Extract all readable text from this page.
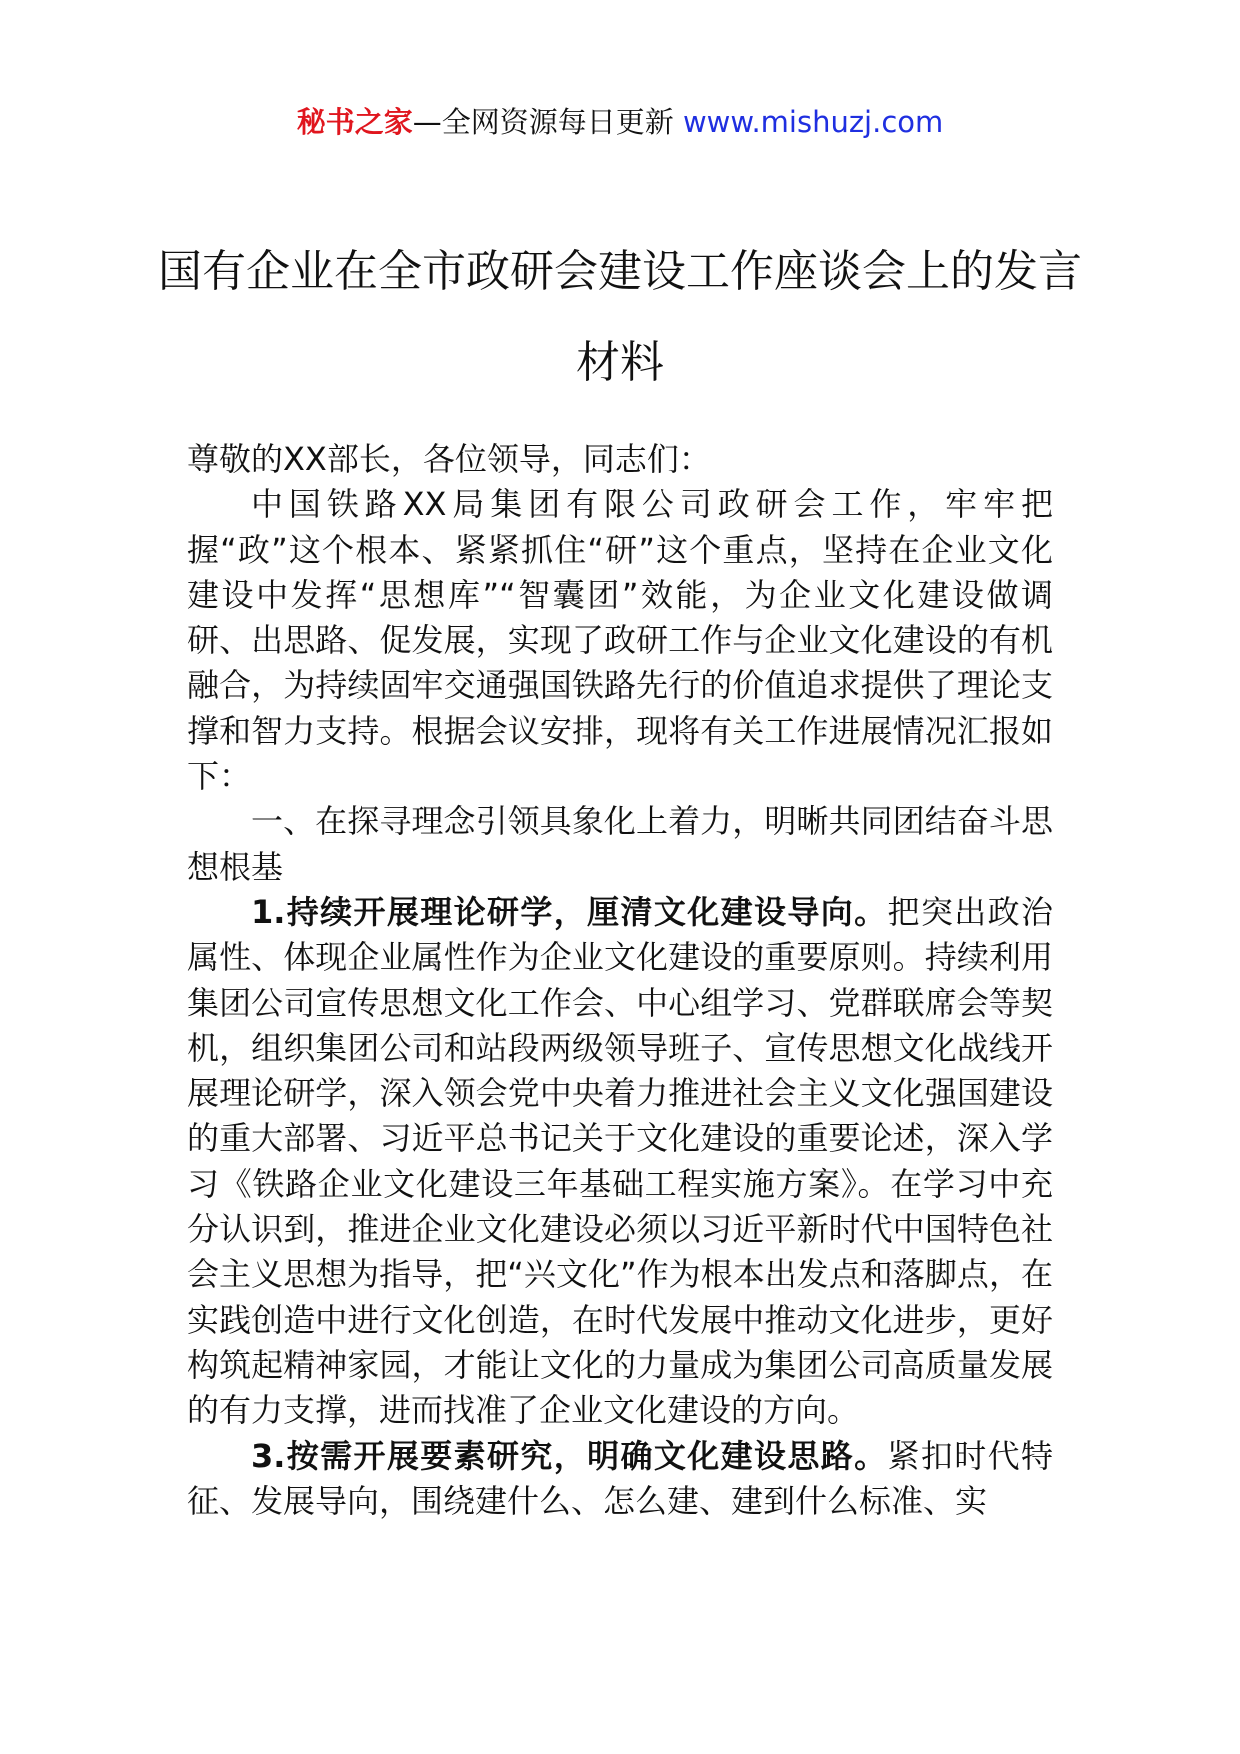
秘书之家—全网资源每日更新 www.mishuzj.com
国有企业在全市政研会建设工作座谈会上的发言材料

尊敬的XX部长，各位领导，同志们：

中国铁路XX局集团有限公司政研会工作，牢牢把握“政”这个根本、紧紧抓住“研”这个重点，坚持在企业文化建设中发挥“思想库”“智囊团”效能，为企业文化建设做调研、出思路、促发展，实现了政研工作与企业文化建设的有机融合，为持续固牢交通强国铁路先行的价值追求提供了理论支撑和智力支持。根据会议安排，现将有关工作进展情况汇报如下：

一、在探寻理念引领具象化上着力，明晰共同团结奋斗思想根基

1.持续开展理论研学，厘清文化建设导向。把突出政治属性、体现企业属性作为企业文化建设的重要原则。持续利用集团公司宣传思想文化工作会、中心组学习、党群联席会等契机，组织集团公司和站段两级领导班子、宣传思想文化战线开展理论研学，深入领会党中央着力推进社会主义文化强国建设的重大部署、习近平总书记关于文化建设的重要论述，深入学习《铁路企业文化建设三年基础工程实施方案》。在学习中充分认识到，推进企业文化建设必须以习近平新时代中国特色社会主义思想为指导，把“兴文化”作为根本出发点和落脚点，在实践创造中进行文化创造，在时代发展中推动文化进步，更好构筑起精神家园，才能让文化的力量成为集团公司高质量发展的有力支撑，进而找准了企业文化建设的方向。

3.按需开展要素研究，明确文化建设思路。紧扣时代特征、发展导向，围绕建什么、怎么建、建到什么标准、实
